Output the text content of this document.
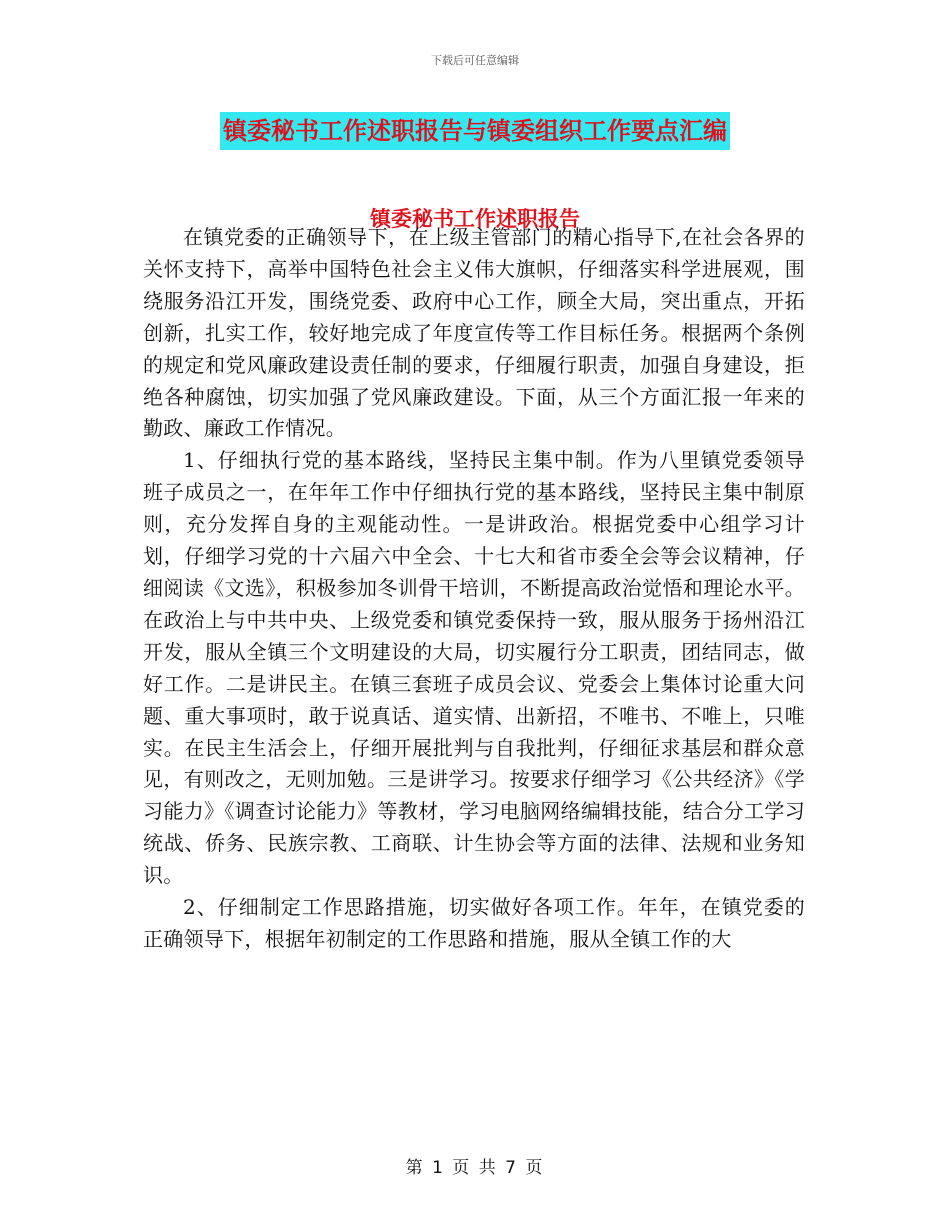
下载后可任意编辑
镇委秘书工作述职报告与镇委组织工作要点汇编
镇委秘书工作述职报告

在镇党委的正确领导下，在上级主管部门的精心指导下,在社会各界的关怀支持下，高举中国特色社会主义伟大旗帜，仔细落实科学进展观，围绕服务沿江开发，围绕党委、政府中心工作，顾全大局，突出重点，开拓创新，扎实工作，较好地完成了年度宣传等工作目标任务。根据两个条例的规定和党风廉政建设责任制的要求，仔细履行职责，加强自身建设，拒绝各种腐蚀，切实加强了党风廉政建设。下面，从三个方面汇报一年来的勤政、廉政工作情况。

1、仔细执行党的基本路线，坚持民主集中制。作为八里镇党委领导班子成员之一，在年年工作中仔细执行党的基本路线，坚持民主集中制原则，充分发挥自身的主观能动性。一是讲政治。根据党委中心组学习计划，仔细学习党的十六届六中全会、十七大和省市委全会等会议精神，仔细阅读《文选》，积极参加冬训骨干培训，不断提高政治觉悟和理论水平。在政治上与中共中央、上级党委和镇党委保持一致，服从服务于扬州沿江开发，服从全镇三个文明建设的大局，切实履行分工职责，团结同志，做好工作。二是讲民主。在镇三套班子成员会议、党委会上集体讨论重大问题、重大事项时，敢于说真话、道实情、出新招，不唯书、不唯上，只唯实。在民主生活会上，仔细开展批判与自我批判，仔细征求基层和群众意见，有则改之，无则加勉。三是讲学习。按要求仔细学习《公共经济》《学习能力》《调查讨论能力》等教材，学习电脑网络编辑技能，结合分工学习统战、侨务、民族宗教、工商联、计生协会等方面的法律、法规和业务知识。

2、仔细制定工作思路措施，切实做好各项工作。年年，在镇党委的正确领导下，根据年初制定的工作思路和措施，服从全镇工作的大

第 1 页 共 7 页
